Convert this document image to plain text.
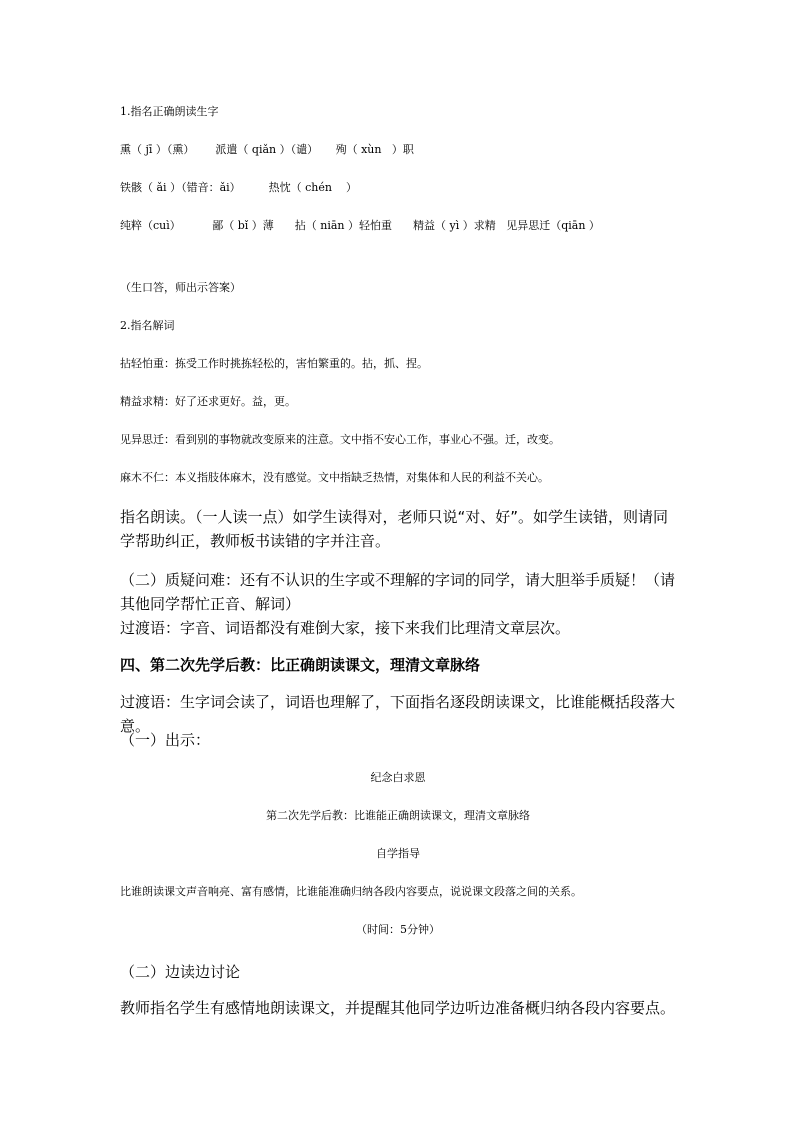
1.指名正确朗读生字
熏（ jī ）（熏）      派遣（ qiǎn ）（谴）     殉（ xùn   ）职
铁骸（ ǎi ）（错音：ǎi）        热忱（ chén    ）
纯粹（cuì）         鄙（ bǐ ）薄      拈（ niān ）轻怕重      精益（ yì ）求精   见异思迁（qiān ）
（生口答，师出示答案）
2.指名解词
拈轻怕重：拣受工作时挑拣轻松的，害怕繁重的。拈，抓、捏。
精益求精：好了还求更好。益，更。
见异思迁：看到别的事物就改变原来的注意。文中指不安心工作，事业心不强。迁，改变。
麻木不仁：本义指肢体麻木，没有感觉。文中指缺乏热情，对集体和人民的利益不关心。
指名朗读。（一人读一点）如学生读得对，老师只说“对、好”。如学生读错，则请同学帮助纠正，教师板书读错的字并注音。
（二）质疑问难：还有不认识的生字或不理解的字词的同学，请大胆举手质疑！（请其他同学帮忙正音、解词）
过渡语：字音、词语都没有难倒大家，接下来我们比理清文章层次。
四、第二次先学后教：比正确朗读课文，理清文章脉络
过渡语：生字词会读了，词语也理解了，下面指名逐段朗读课文，比谁能概括段落大意。
（一）出示：
纪念白求恩
第二次先学后教：比谁能正确朗读课文，理清文章脉络
自学指导
比谁朗读课文声音响亮、富有感情，比谁能准确归纳各段内容要点，说说课文段落之间的关系。
（时间：5分钟）
（二）边读边讨论
教师指名学生有感情地朗读课文，并提醒其他同学边听边准备概归纳各段内容要点。
